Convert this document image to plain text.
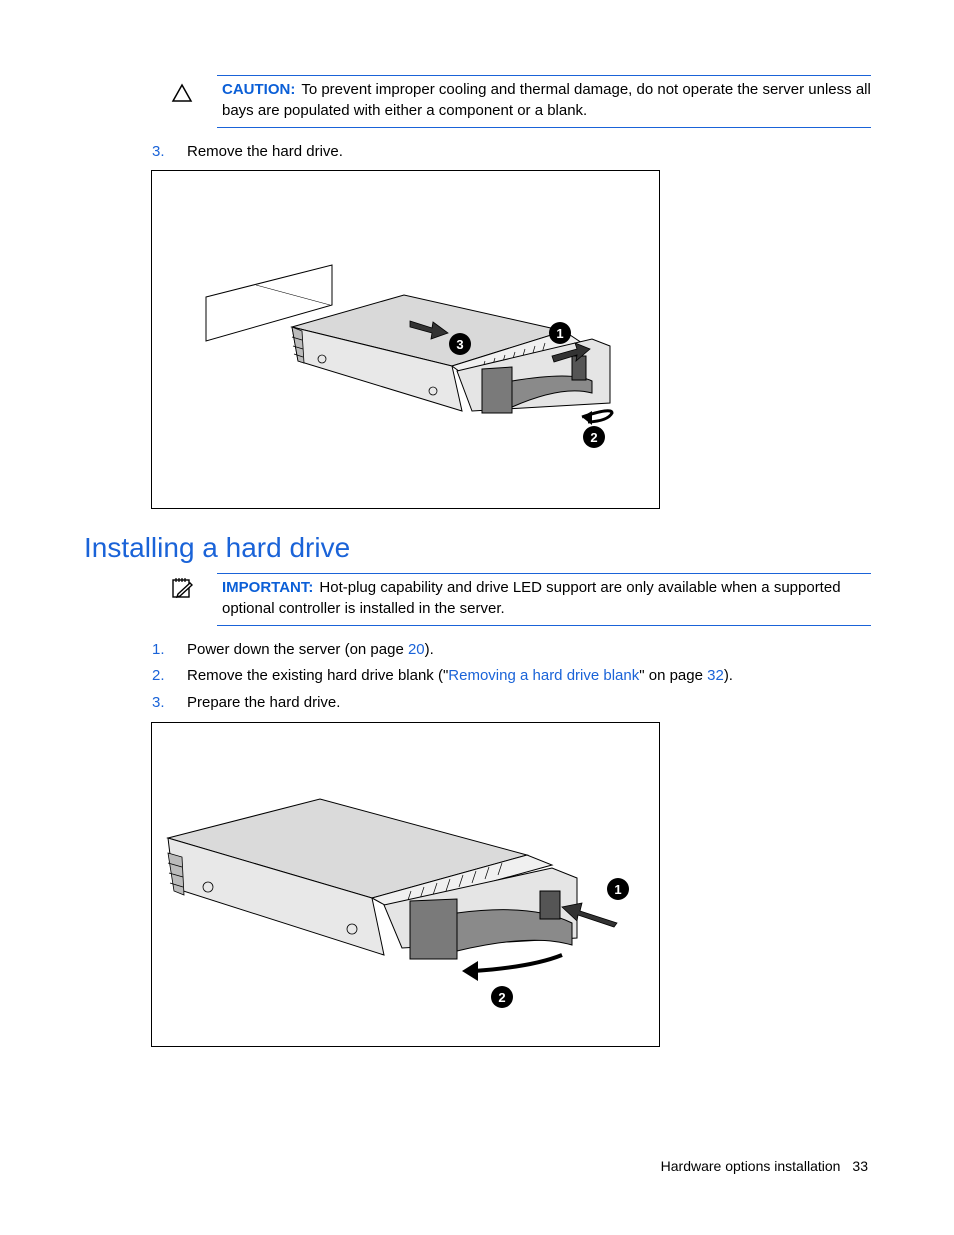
CAUTION: To prevent improper cooling and thermal damage, do not operate the server unless all bays are populated with either a component or a blank.
3. Remove the hard drive.
1
2
3
Installing a hard drive
IMPORTANT: Hot-plug capability and drive LED support are only available when a supported optional controller is installed in the server.
1. Power down the server (on page 20).
2. Remove the existing hard drive blank ("Removing a hard drive blank" on page 32).
3. Prepare the hard drive.
1
2
Hardware options installation 33
